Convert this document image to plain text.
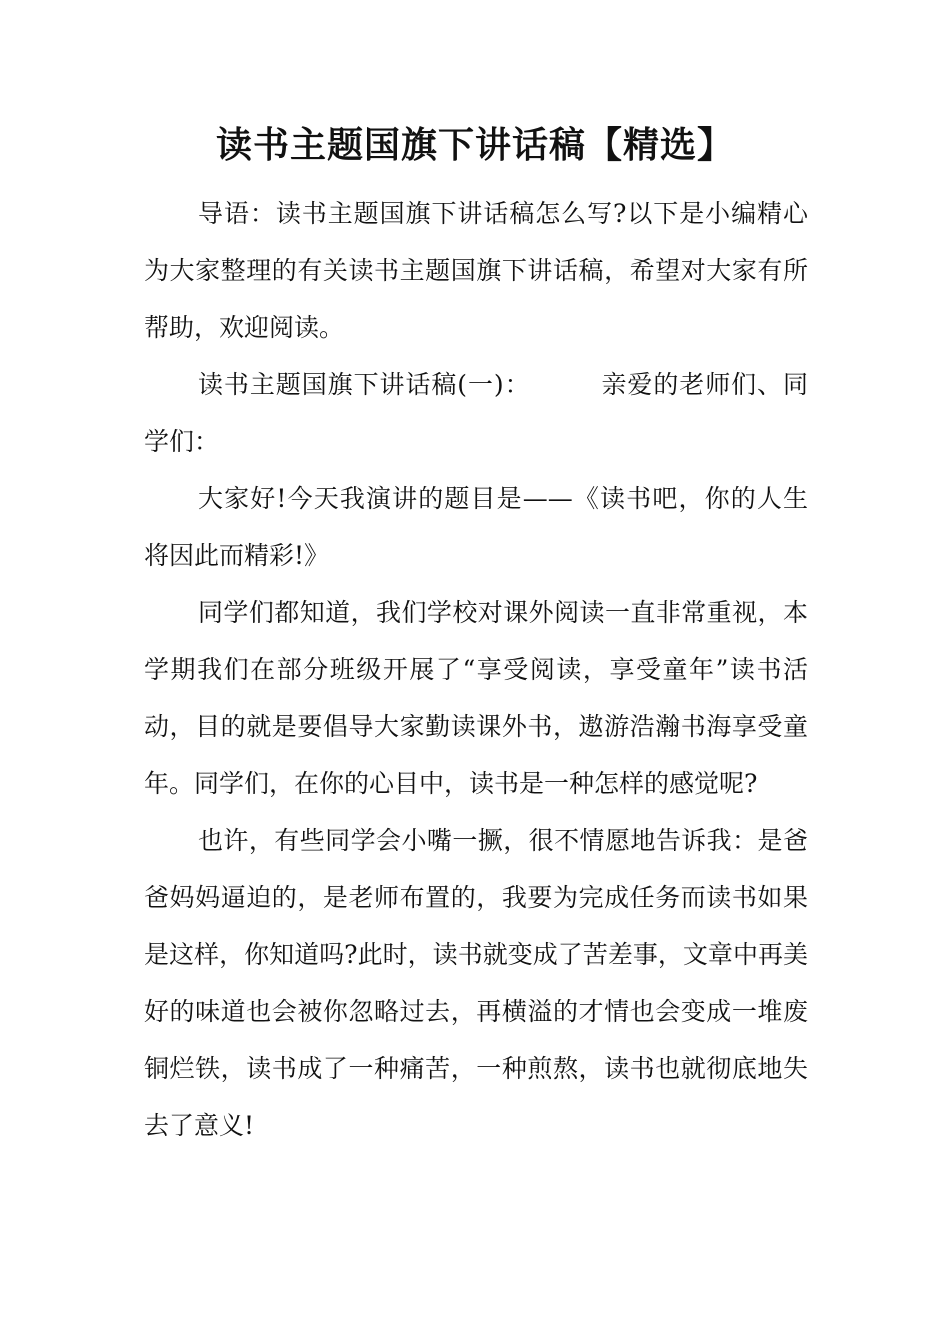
读书主题国旗下讲话稿【精选】

导语：读书主题国旗下讲话稿怎么写?以下是小编精心为大家整理的有关读书主题国旗下讲话稿，希望对大家有所帮助，欢迎阅读。

读书主题国旗下讲话稿(一)：	亲爱的老师们、同学们：

大家好!今天我演讲的题目是——《读书吧，你的人生将因此而精彩!》

同学们都知道，我们学校对课外阅读一直非常重视，本学期我们在部分班级开展了“享受阅读，享受童年”读书活动，目的就是要倡导大家勤读课外书，遨游浩瀚书海享受童年。同学们，在你的心目中，读书是一种怎样的感觉呢?

也许，有些同学会小嘴一撅，很不情愿地告诉我：是爸爸妈妈逼迫的，是老师布置的，我要为完成任务而读书如果是这样，你知道吗?此时，读书就变成了苦差事，文章中再美好的味道也会被你忽略过去，再横溢的才情也会变成一堆废铜烂铁，读书成了一种痛苦，一种煎熬，读书也就彻底地失去了意义!
